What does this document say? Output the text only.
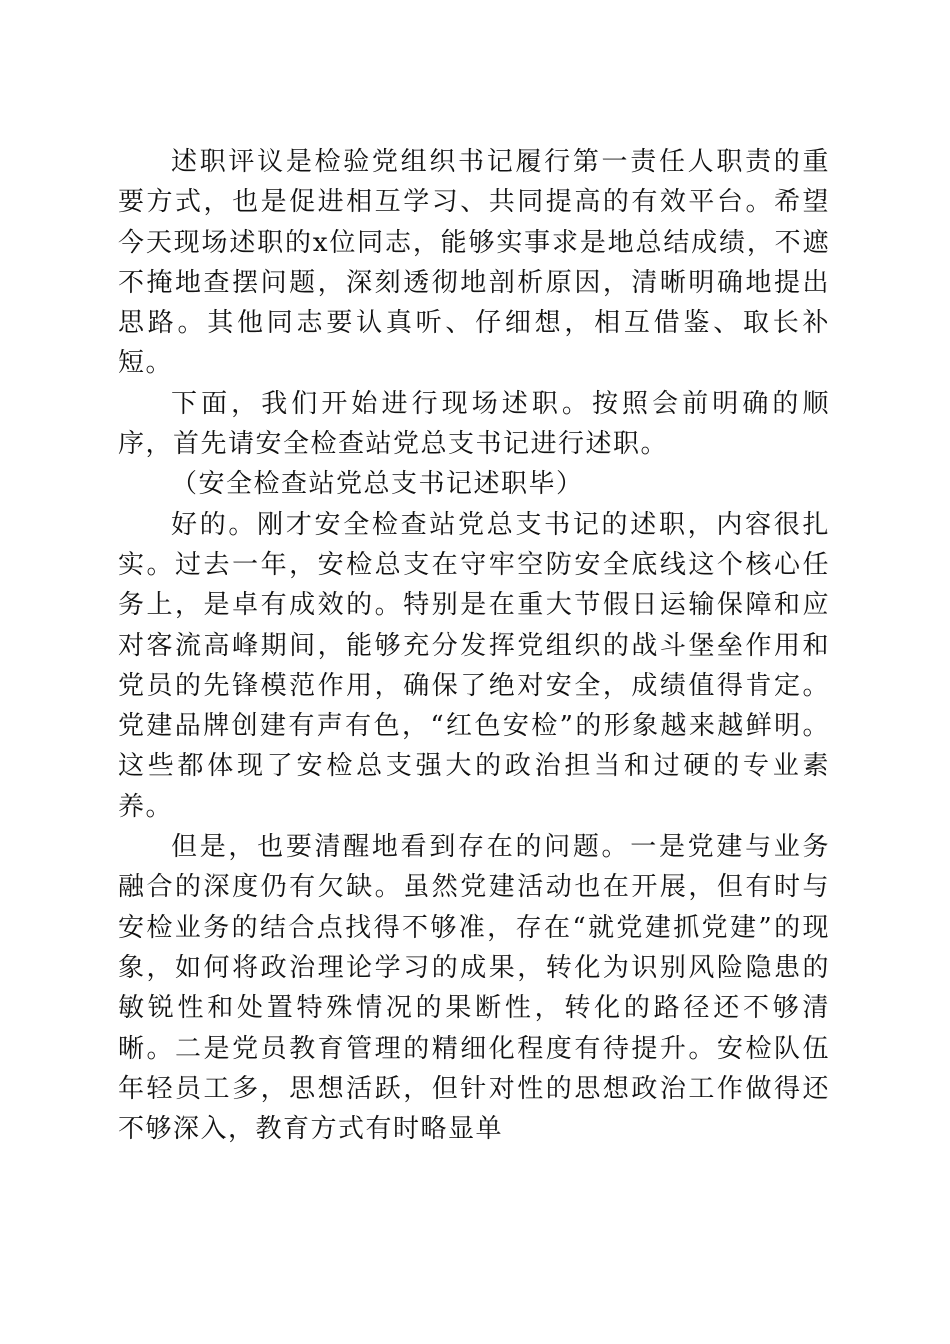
述职评议是检验党组织书记履行第一责任人职责的重要方式，也是促进相互学习、共同提高的有效平台。希望今天现场述职的x位同志，能够实事求是地总结成绩，不遮不掩地查摆问题，深刻透彻地剖析原因，清晰明确地提出思路。其他同志要认真听、仔细想，相互借鉴、取长补短。

下面，我们开始进行现场述职。按照会前明确的顺序，首先请安全检查站党总支书记进行述职。

（安全检查站党总支书记述职毕）

好的。刚才安全检查站党总支书记的述职，内容很扎实。过去一年，安检总支在守牢空防安全底线这个核心任务上，是卓有成效的。特别是在重大节假日运输保障和应对客流高峰期间，能够充分发挥党组织的战斗堡垒作用和党员的先锋模范作用，确保了绝对安全，成绩值得肯定。党建品牌创建有声有色，“红色安检”的形象越来越鲜明。这些都体现了安检总支强大的政治担当和过硬的专业素养。

但是，也要清醒地看到存在的问题。一是党建与业务融合的深度仍有欠缺。虽然党建活动也在开展，但有时与安检业务的结合点找得不够准，存在“就党建抓党建”的现象，如何将政治理论学习的成果，转化为识别风险隐患的敏锐性和处置特殊情况的果断性，转化的路径还不够清晰。二是党员教育管理的精细化程度有待提升。安检队伍年轻员工多，思想活跃，但针对性的思想政治工作做得还不够深入，教育方式有时略显单
